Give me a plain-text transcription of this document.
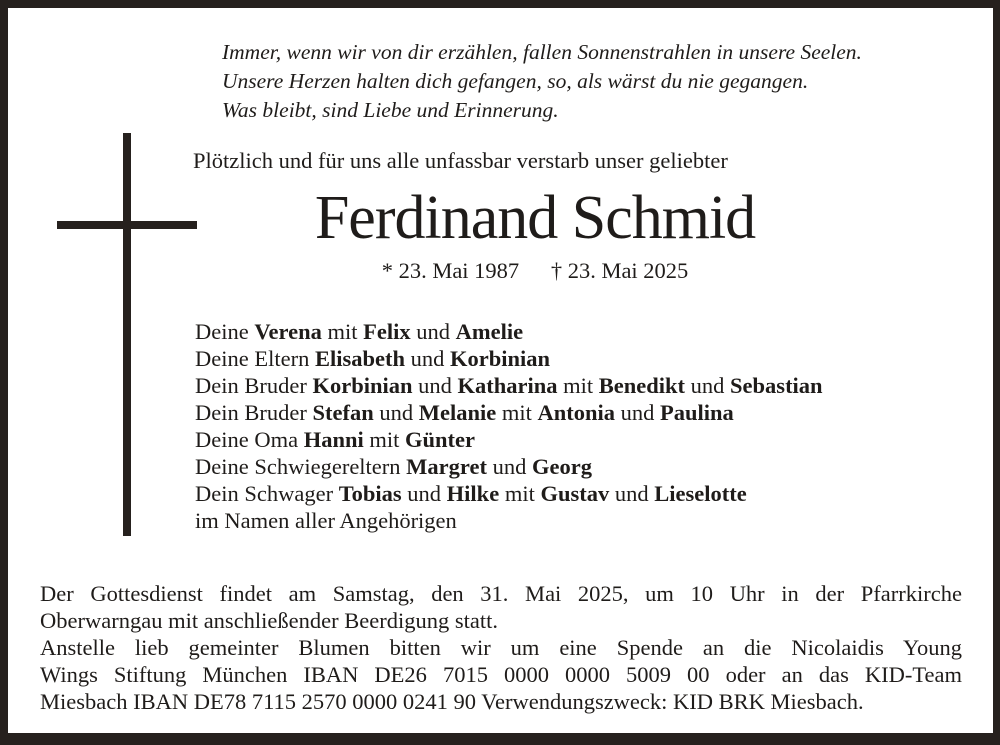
Immer, wenn wir von dir erzählen, fallen Sonnenstrahlen in unsere Seelen.
Unsere Herzen halten dich gefangen, so, als wärst du nie gegangen.
Was bleibt, sind Liebe und Erinnerung.
Plötzlich und für uns alle unfassbar verstarb unser geliebter
Ferdinand Schmid
* 23. Mai 1987 † 23. Mai 2025
Deine Verena mit Felix und Amelie
Deine Eltern Elisabeth und Korbinian
Dein Bruder Korbinian und Katharina mit Benedikt und Sebastian
Dein Bruder Stefan und Melanie mit Antonia und Paulina
Deine Oma Hanni mit Günter
Deine Schwiegereltern Margret und Georg
Dein Schwager Tobias und Hilke mit Gustav und Lieselotte
im Namen aller Angehörigen
Der Gottesdienst findet am Samstag, den 31. Mai 2025, um 10 Uhr in der Pfarrkirche
Oberwarngau mit anschließender Beerdigung statt.
Anstelle lieb gemeinter Blumen bitten wir um eine Spende an die Nicolaidis Young
Wings Stiftung München IBAN DE26 7015 0000 0000 5009 00 oder an das KID-Team
Miesbach IBAN DE78 7115 2570 0000 0241 90 Verwendungszweck: KID BRK Miesbach.
